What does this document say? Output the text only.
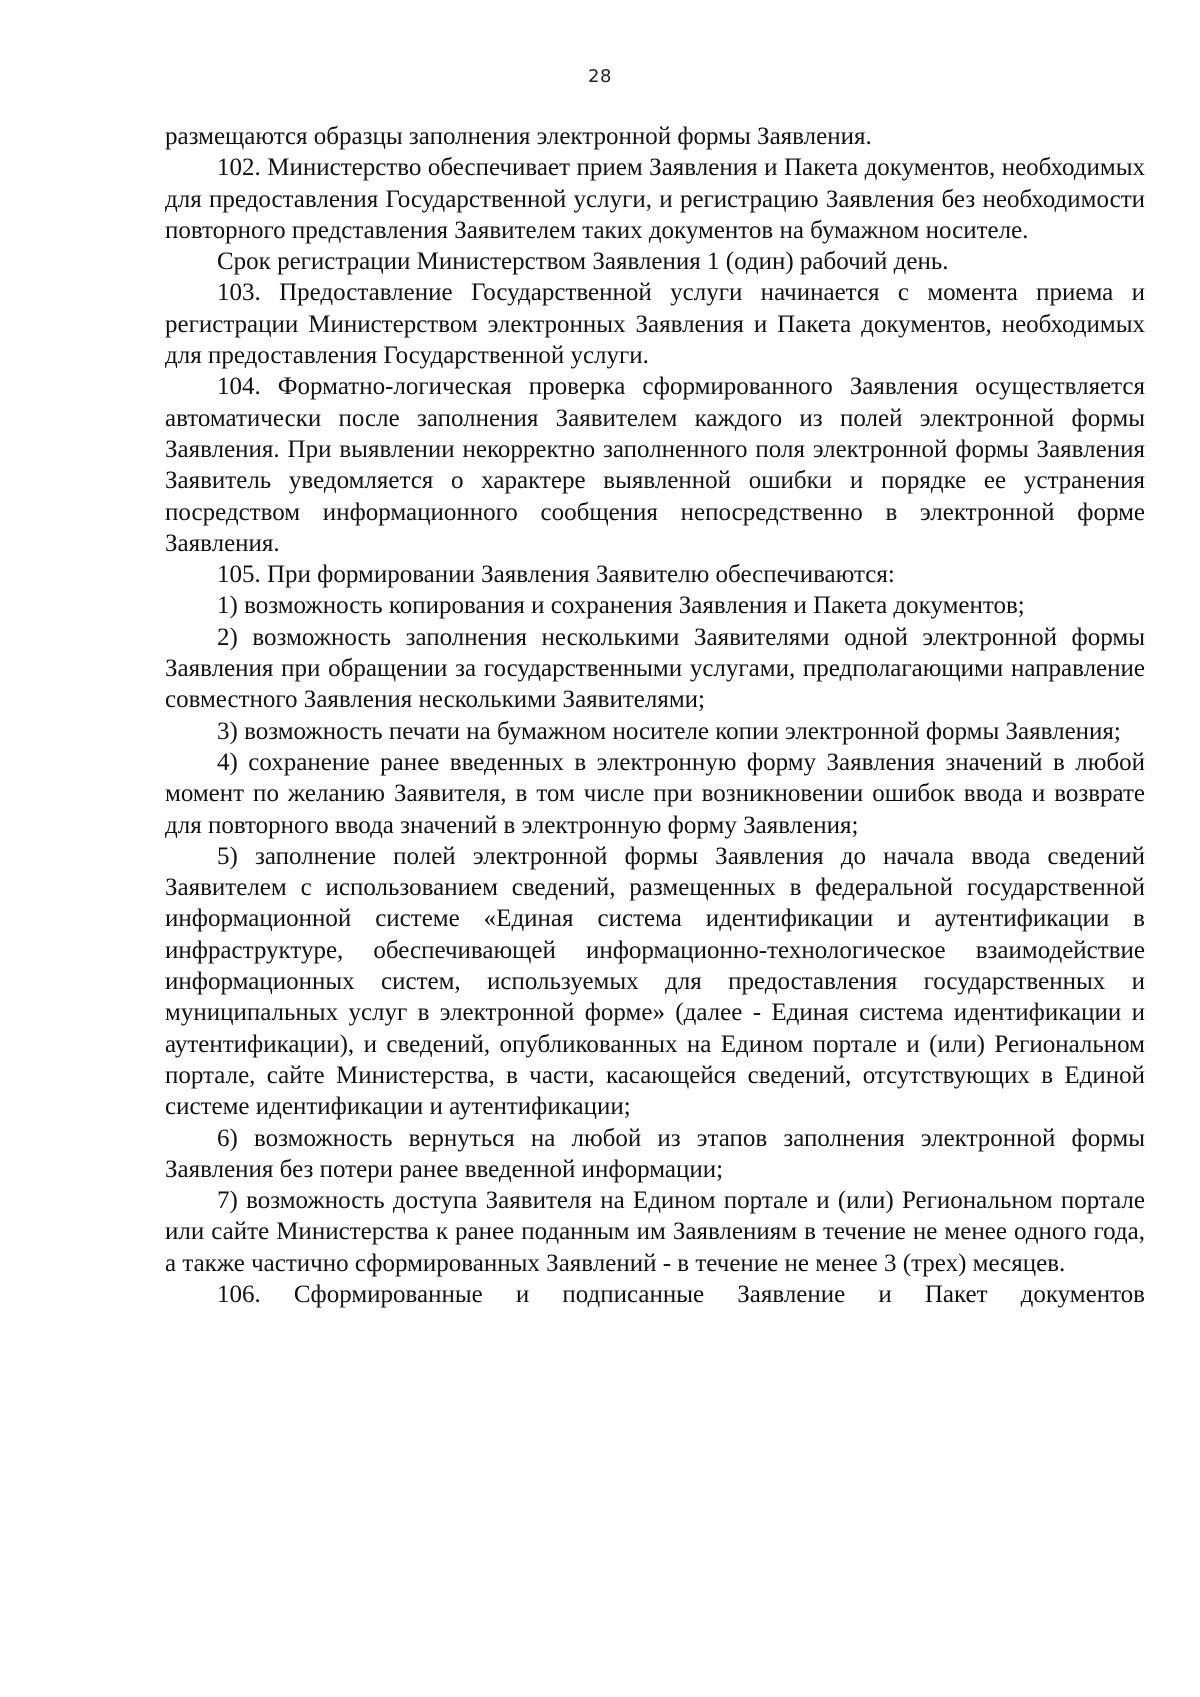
28

размещаются образцы заполнения электронной формы Заявления.

102. Министерство обеспечивает прием Заявления и Пакета документов, необходимых для предоставления Государственной услуги, и регистрацию Заявления без необходимости повторного представления Заявителем таких документов на бумажном носителе.

Срок регистрации Министерством Заявления 1 (один) рабочий день.

103. Предоставление Государственной услуги начинается с момента приема и регистрации Министерством электронных Заявления и Пакета документов, необходимых для предоставления Государственной услуги.

104. Форматно-логическая проверка сформированного Заявления осуществляется автоматически после заполнения Заявителем каждого из полей электронной формы Заявления. При выявлении некорректно заполненного поля электронной формы Заявления Заявитель уведомляется о характере выявленной ошибки и порядке ее устранения посредством информационного сообщения непосредственно в электронной форме Заявления.

105. При формировании Заявления Заявителю обеспечиваются:

1) возможность копирования и сохранения Заявления и Пакета документов;

2) возможность заполнения несколькими Заявителями одной электронной формы Заявления при обращении за государственными услугами, предполагающими направление совместного Заявления несколькими Заявителями;

3) возможность печати на бумажном носителе копии электронной формы Заявления;

4) сохранение ранее введенных в электронную форму Заявления значений в любой момент по желанию Заявителя, в том числе при возникновении ошибок ввода и возврате для повторного ввода значений в электронную форму Заявления;

5) заполнение полей электронной формы Заявления до начала ввода сведений Заявителем с использованием сведений, размещенных в федеральной государственной информационной системе «Единая система идентификации и аутентификации в инфраструктуре, обеспечивающей информационно-технологическое взаимодействие информационных систем, используемых для предоставления государственных и муниципальных услуг в электронной форме» (далее - Единая система идентификации и аутентификации), и сведений, опубликованных на Едином портале и (или) Региональном портале, сайте Министерства, в части, касающейся сведений, отсутствующих в Единой системе идентификации и аутентификации;

6) возможность вернуться на любой из этапов заполнения электронной формы Заявления без потери ранее введенной информации;

7) возможность доступа Заявителя на Едином портале и (или) Региональном портале или сайте Министерства к ранее поданным им Заявлениям в течение не менее одного года, а также частично сформированных Заявлений - в течение не менее 3 (трех) месяцев.

106. Сформированные и подписанные Заявление и Пакет документов
